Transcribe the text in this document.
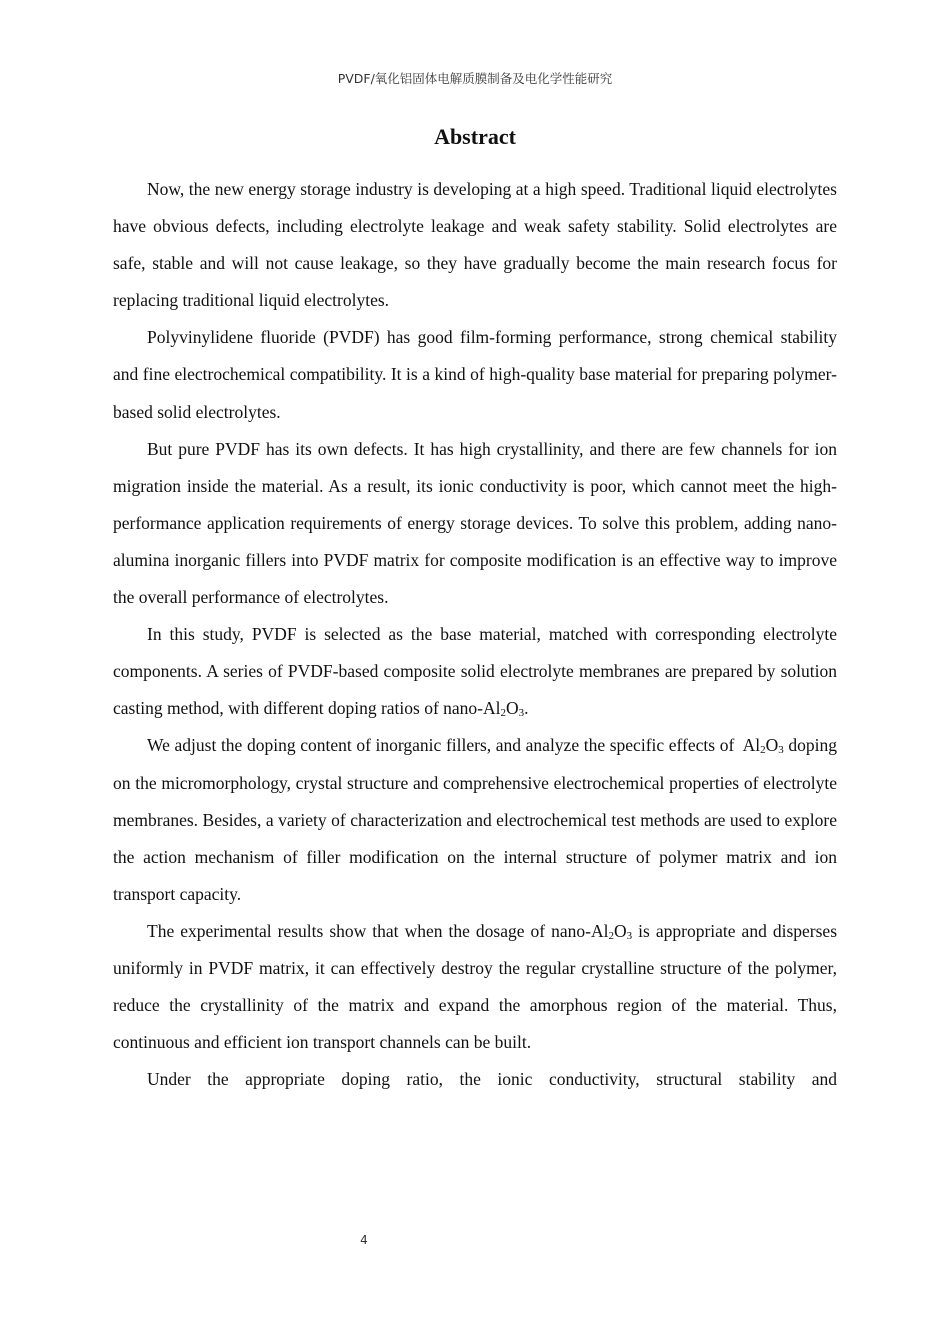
PVDF/氧化铝固体电解质膜制备及电化学性能研究
Abstract

Now, the new energy storage industry is developing at a high speed. Traditional liquid electrolytes have obvious defects, including electrolyte leakage and weak safety stability. Solid electrolytes are safe, stable and will not cause leakage, so they have gradually become the main research focus for replacing traditional liquid electrolytes.

Polyvinylidene fluoride (PVDF) has good film-forming performance, strong chemical stability and fine electrochemical compatibility. It is a kind of high-quality base material for preparing polymer-based solid electrolytes.

But pure PVDF has its own defects. It has high crystallinity, and there are few channels for ion migration inside the material. As a result, its ionic conductivity is poor, which cannot meet the high-performance application requirements of energy storage devices. To solve this problem, adding nano-alumina inorganic fillers into PVDF matrix for composite modification is an effective way to improve the overall performance of electrolytes.

In this study, PVDF is selected as the base material, matched with corresponding electrolyte components. A series of PVDF-based composite solid electrolyte membranes are prepared by solution casting method, with different doping ratios of nano-$Al_2O_3$.

We adjust the doping content of inorganic fillers, and analyze the specific effects of  $Al_2O_3$ doping on the micromorphology, crystal structure and comprehensive electrochemical properties of electrolyte membranes. Besides, a variety of characterization and electrochemical test methods are used to explore the action mechanism of filler modification on the internal structure of polymer matrix and ion transport capacity.

The experimental results show that when the dosage of nano-$Al_2O_3$ is appropriate and disperses uniformly in PVDF matrix, it can effectively destroy the regular crystalline structure of the polymer, reduce the crystallinity of the matrix and expand the amorphous region of the material. Thus, continuous and efficient ion transport channels can be built.

Under the appropriate doping ratio, the ionic conductivity, structural stability and

4
